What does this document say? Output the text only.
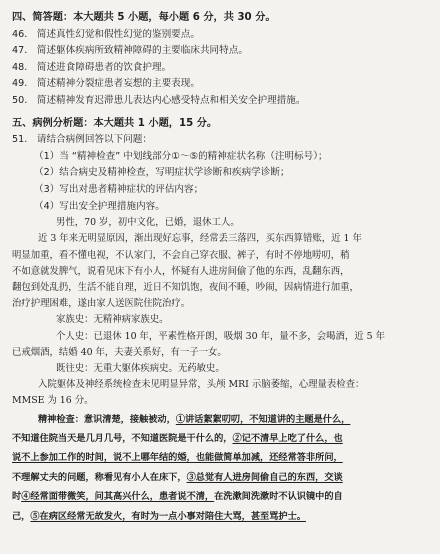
四、简答题：本大题共 5 小题，每小题 6 分，共 30 分。
46.　简述真性幻觉和假性幻觉的鉴别要点。
47.　简述躯体疾病所致精神障碍的主要临床共同特点。
48.　简述进食障碍患者的饮食护理。
49.　简述精神分裂症患者妄想的主要表现。
50.　简述精神发育迟滞患儿表达内心感受特点和相关安全护理措施。
五、病例分析题：本大题共 1 小题，15 分。
51.　请结合病例回答以下问题：
（1）当 “精神检查” 中划线部分①～⑤的精神症状名称（注明标号）；
（2）结合病史及精神检查，写明症状学诊断和疾病学诊断；
（3）写出对患者精神症状的评估内容；
（4）写出安全护理措施内容。
男性，70 岁，初中文化，已婚，退休工人。
近 3 年来无明显原因，渐出现好忘事，经常丢三落四，买东西算错账，近 1 年
明显加重，看不懂电视，不认家门，不会自己穿衣服、裤子，有时不停地唠叨，稍
不如意就发脾气，说看见床下有小人，怀疑有人进房间偷了他的东西，乱翻东西，
翻包到处乱扔，生活不能自理，近日不知饥饱，夜间不睡，吵闹，因病情进行加重，
治疗护理困难，遂由家人送医院住院治疗。
家族史：无精神病家族史。
个人史：已退休 10 年，平素性格开朗，吸烟 30 年，量不多，会喝酒，近 5 年
已戒烟酒，结婚 40 年，夫妻关系好，有一子一女。
既往史：无重大躯体疾病史。无药敏史。
入院躯体及神经系统检查未见明显异常，头颅 MRI 示脑萎缩，心理量表检查：
MMSE 为 16 分。
精神检查：意识清楚，接触被动，①讲话絮絮叨叨，不知道讲的主题是什么，
不知道住院当天是几月几号，不知道医院是干什么的，②记不清早上吃了什么，也
说不上参加工作的时间，说不上哪年结的婚，也能做简单加减，还经常答非所问，
不理解丈夫的问题，称看见有小人在床下，③总觉有人进房间偷自己的东西，交谈
时④经常面带微笑，问其高兴什么，患者说不清，在洗漱间洗漱时不认识镜中的自
己，⑤在病区经常无故发火，有时为一点小事对陪住大骂，甚至骂护士。
